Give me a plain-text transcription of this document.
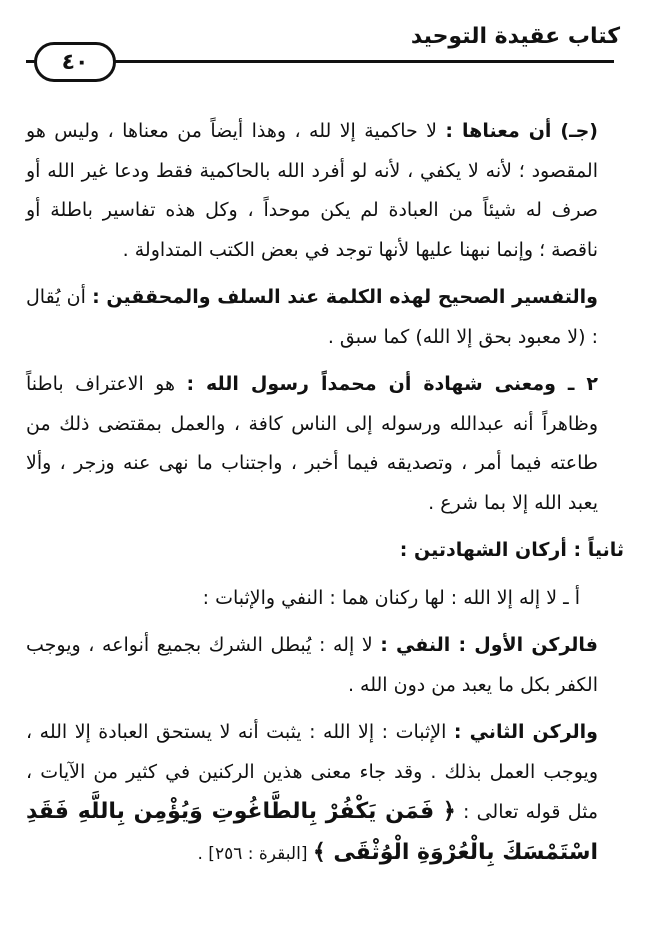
كتاب عقيدة التوحيد
٤٠

(جـ) أن معناها : لا حاكمية إلا لله ، وهذا أيضاً من معناها ، وليس هو المقصود ؛ لأنه لا يكفي ، لأنه لو أفرد الله بالحاكمية فقط ودعا غير الله أو صرف له شيئاً من العبادة لم يكن موحداً ، وكل هذه تفاسير باطلة أو ناقصة ؛ وإنما نبهنا عليها لأنها توجد في بعض الكتب المتداولة .

والتفسير الصحيح لهذه الكلمة عند السلف والمحققين : أن يُقال : (لا معبود بحق إلا الله) كما سبق .

٢ ـ ومعنى شهادة أن محمداً رسول الله : هو الاعتراف باطناً وظاهراً أنه عبدالله ورسوله إلى الناس كافة ، والعمل بمقتضى ذلك من طاعته فيما أمر ، وتصديقه فيما أخبر ، واجتناب ما نهى عنه وزجر ، وألا يعبد الله إلا بما شرع .

ثانياً : أركان الشهادتين :

أ ـ لا إله إلا الله : لها ركنان هما : النفي والإثبات :

فالركن الأول : النفي : لا إله : يُبطل الشرك بجميع أنواعه ، ويوجب الكفر بكل ما يعبد من دون الله .

والركن الثاني : الإثبات : إلا الله : يثبت أنه لا يستحق العبادة إلا الله ، ويوجب العمل بذلك . وقد جاء معنى هذين الركنين في كثير من الآيات ، مثل قوله تعالى : ﴿ فَمَن يَكْفُرْ بِالطَّاغُوتِ وَيُؤْمِن بِاللَّهِ فَقَدِ اسْتَمْسَكَ بِالْعُرْوَةِ الْوُثْقَى ﴾ [البقرة : ٢٥٦] .
